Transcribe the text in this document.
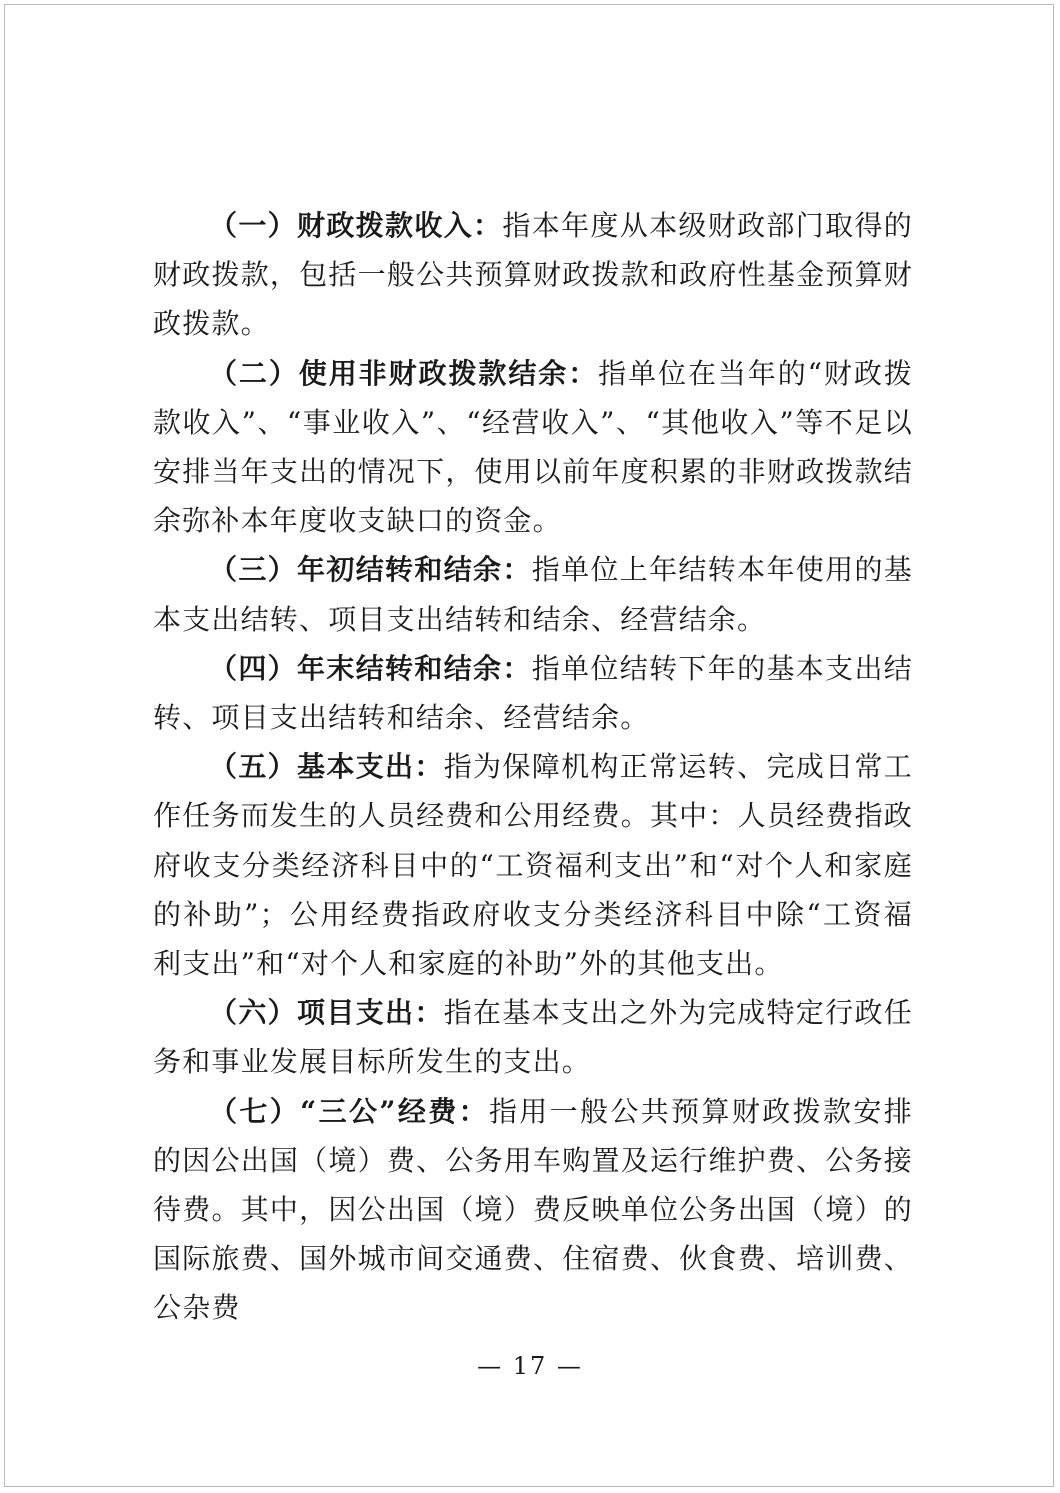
（一）财政拨款收入：指本年度从本级财政部门取得的财政拨款，包括一般公共预算财政拨款和政府性基金预算财政拨款。

（二）使用非财政拨款结余：指单位在当年的“财政拨款收入”、“事业收入”、“经营收入”、“其他收入”等不足以安排当年支出的情况下，使用以前年度积累的非财政拨款结余弥补本年度收支缺口的资金。

（三）年初结转和结余：指单位上年结转本年使用的基本支出结转、项目支出结转和结余、经营结余。

（四）年末结转和结余：指单位结转下年的基本支出结转、项目支出结转和结余、经营结余。

（五）基本支出：指为保障机构正常运转、完成日常工作任务而发生的人员经费和公用经费。其中：人员经费指政府收支分类经济科目中的“工资福利支出”和“对个人和家庭的补助”；公用经费指政府收支分类经济科目中除“工资福利支出”和“对个人和家庭的补助”外的其他支出。

（六）项目支出：指在基本支出之外为完成特定行政任务和事业发展目标所发生的支出。

（七）“三公”经费：指用一般公共预算财政拨款安排的因公出国（境）费、公务用车购置及运行维护费、公务接待费。其中，因公出国（境）费反映单位公务出国（境）的国际旅费、国外城市间交通费、住宿费、伙食费、培训费、公杂费

— 17 —
